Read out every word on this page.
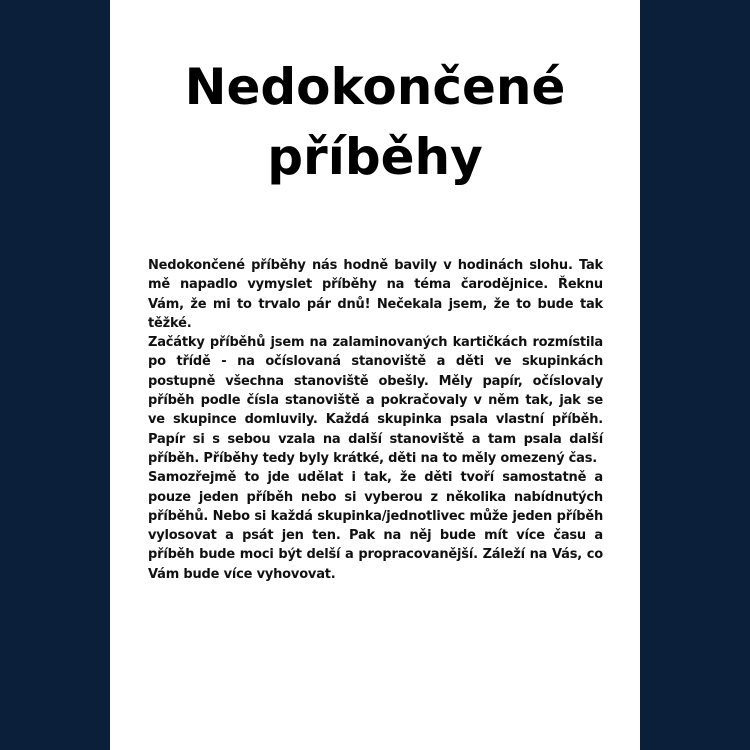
Nedokončené
příběhy

Nedokončené příběhy nás hodně bavily v hodinách slohu. Tak mě napadlo vymyslet příběhy na téma čarodějnice. Řeknu Vám, že mi to trvalo pár dnů! Nečekala jsem, že to bude tak těžké.

Začátky příběhů jsem na zalaminovaných kartičkách rozmístila po třídě - na očíslovaná stanoviště a děti ve skupinkách postupně všechna stanoviště obešly. Měly papír, očíslovaly příběh podle čísla stanoviště a pokračovaly v něm tak, jak se ve skupince domluvily. Každá skupinka psala vlastní příběh. Papír si s sebou vzala na další stanoviště a tam psala další příběh. Příběhy tedy byly krátké, děti na to měly omezený čas.

Samozřejmě to jde udělat i tak, že děti tvoří samostatně a pouze jeden příběh nebo si vyberou z několika nabídnutých příběhů. Nebo si každá skupinka/jednotlivec může jeden příběh vylosovat a psát jen ten. Pak na něj bude mít více času a příběh bude moci být delší a propracovanější. Záleží na Vás, co Vám bude více vyhovovat.
